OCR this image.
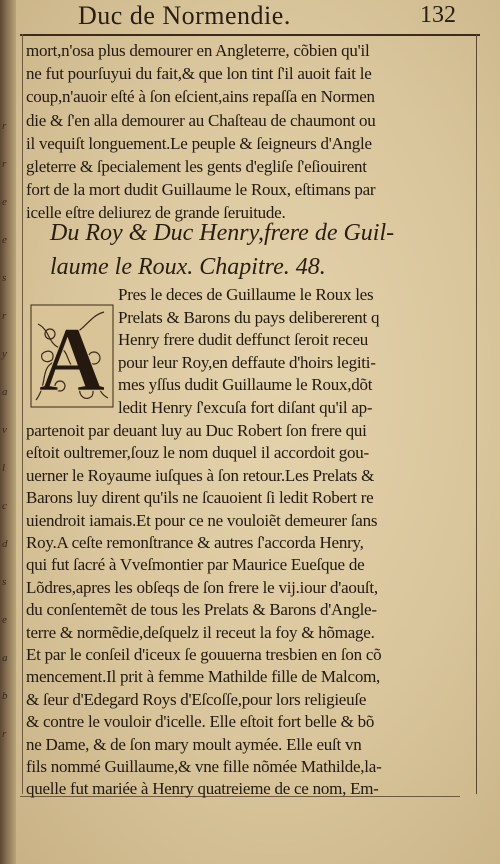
r
r
e
e
s
r
y
a
v
l
c
d
s
e
a
b
r
Duc de Normendie.	132
mort,n'osa plus demourer en Angleterre, cõbien qu'il
ne fut pourſuyui du fait,& que lon tint ſ'il auoit fait le
coup,n'auoir eſté à ſon eſcient,ains repaſſa en Normen
die & ſ'en alla demourer au Chaſteau de chaumont ou
il vequiſt longuement.Le peuple & ſeigneurs d'Angle
gleterre & ſpecialement les gents d'egliſe ſ'eſiouirent
fort de la mort dudit Guillaume le Roux, eſtimans par
icelle eſtre deliurez de grande ſeruitude.
Du Roy & Duc Henry,frere de Guil-
laume le Roux. Chapitre. 48.
A
Pres le deces de Guillaume le Roux les
Prelats & Barons du pays delibererent q
Henry frere dudit deffunct ſeroit receu
pour leur Roy,en deffaute d'hoirs legiti-
mes yſſus dudit Guillaume le Roux,dõt
ledit Henry ſ'excuſa fort diſant qu'il ap-
partenoit par deuant luy au Duc Robert ſon frere qui
eſtoit oultremer,ſouz le nom duquel il accordoit gou-
uerner le Royaume iuſques à ſon retour.Les Prelats &
Barons luy dirent qu'ils ne ſcauoient ſi ledit Robert re
uiendroit iamais.Et pour ce ne vouloiẽt demeurer ſans
Roy.A ceſte remonſtrance & autres ſ'accorda Henry,
qui fut ſacré à Vveſmontier par Maurice Eueſque de
Lõdres,apres les obſeqs de ſon frere le vij.iour d'aouſt,
du conſentemẽt de tous les Prelats & Barons d'Angle-
terre & normẽdie,deſquelz il receut la foy & hõmage.
Et par le conſeil d'iceux ſe gouuerna tresbien en ſon cõ
mencement.Il prit à femme Mathilde fille de Malcom,
& ſeur d'Edegard Roys d'Eſcoſſe,pour lors religieuſe
& contre le vouloir d'icelle. Elle eſtoit fort belle & bõ
ne Dame, & de ſon mary moult aymée. Elle euſt vn
fils nommé Guillaume,& vne fille nõmée Mathilde,la-
quelle fut mariée à Henry quatreieme de ce nom, Em-
